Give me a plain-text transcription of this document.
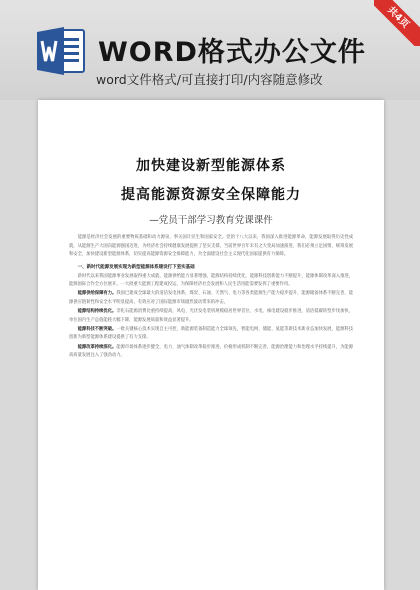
WORD格式办公文件
word文件格式/可直接打印/内容随意修改
共4页
加快建设新型能源体系
提高能源资源安全保障能力
—党员干部学习教育党课课件

能源是经济社会发展的重要物质基础和动力源泉，事关国计民生和国家安全。党的十八大以来，我国深入推进能源革命，能源发展取得历史性成就，从能源生产大国向能源强国迈进，为经济社会持续健康发展提供了坚实支撑。当前世界百年未有之大变局加速演进，我们必须立足国情，统筹发展和安全，加快建设新型能源体系，切实提高能源资源安全保障能力，为全面建设社会主义现代化国家提供有力保障。

一、新时代能源发展实现为新型能源体系建设打下坚实基础

新时代以来我国能源事业发展取得重大成就，能源供给能力显著增强，能源结构持续优化，能源科技创新能力不断提升，能源体制改革深入推进，能源国际合作全方位展开。一大批重大能源工程建成投运，为保障经济社会发展和人民生活用能需要发挥了重要作用。

能源供给保障有力。我国已建成全球最大的清洁发电体系，煤炭、石油、天然气、电力等各类能源生产能力稳步提升，能源储备体系不断完善，能源供应链韧性和安全水平明显提高，有效应对了国际能源市场剧烈波动带来的冲击。

能源结构持续优化。非化石能源消费比重持续提高，风电、光伏发电装机规模稳居世界首位，水电、核电建设稳步推进，清洁低碳转型步伐加快，单位国内生产总值能耗大幅下降，能源发展质量和效益显著提升。

能源科技不断突破。一批关键核心技术实现自主可控，新能源装备制造能力全球领先，智能电网、储能、氢能等新技术新业态加快发展，能源科技创新为新型能源体系建设提供了有力支撑。

能源改革持续深化。能源市场体系逐步健全，电力、油气体制改革稳步推进，价格形成机制不断完善，能源治理能力和治理水平持续提升，为能源高质量发展注入了强劲动力。
